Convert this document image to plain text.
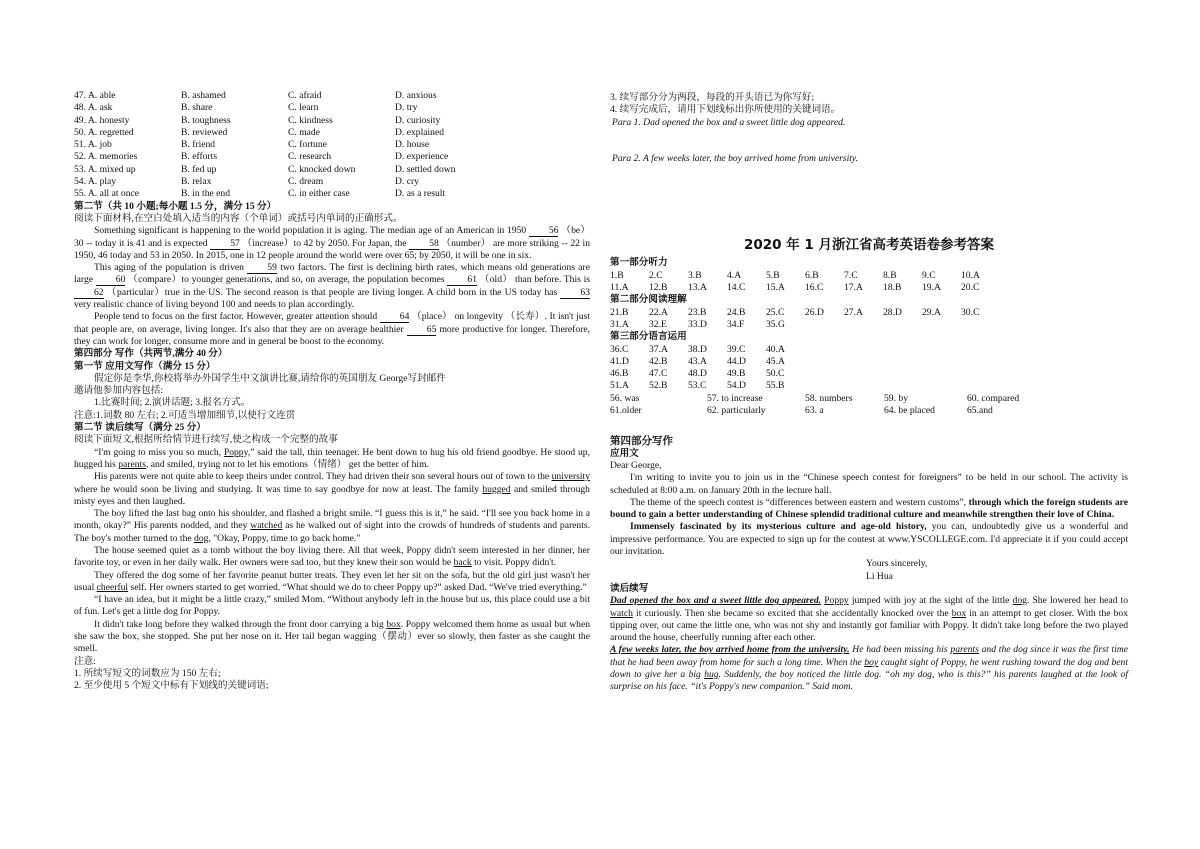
47. A. able	B. ashamed	C. afraid	D. anxious
48. A. ask	B. share	C. learn	D. try
49. A. honesty	B. toughness	C. kindness	D. curiosity
50. A. regretted	B. reviewed	C. made	D. explained
51. A. job	B. friend	C. fortune	D. house
52. A. memories	B. efforts	C. research	D. experience
53. A. mixed up	B. fed up	C. knocked down	D. settled down
54. A. play	B. relax	C. dream	D. cry
55. A. all at once	B. in the end	C. in either case	D. as a result

第二节（共 10 小题;每小题 1.5 分，满分 15 分）

阅读下面材料,在空白处填入适当的内容（个单词）或括号内单词的正确形式。

Something significant is happening to the world population it is aging. The median age of an American in 1950 56 （be）30 -- today it is 41 and is expected 57 （increase）to 42 by 2050. For Japan, the 58 （number） are more striking -- 22 in 1950, 46 today and 53 in 2050. In 2015, one in 12 people around the world were over 65; by 2050, it will be one in six.

This aging of the population is driven 59 two factors. The first is declining birth rates, which means old generations are large 60 （compare）to younger generations, and so, on average, the population becomes 61 （old） than before. This is 62 （particular）true in the US. The second reason is that people are living longer. A child born in the US today has 63 very realistic chance of living beyond 100 and needs to plan accordingly.

People tend to focus on the first factor. However, greater attention should 64 （place） on longevity （长寿）. It isn't just that people are, on average, living longer. It's also that they are on average healthier 65 more productive for longer. Therefore, they can work for longer, consume more and in general be boost to the economy.

第四部分 写作（共两节,满分 40 分）

第一节 应用文写作（满分 15 分）

假定你是李华,你校将举办外国学生中文演讲比赛,请给你的英国朋友 George写封邮件

邀请他参加内容包括:

1.比赛时间; 2.演讲话题; 3.报名方式。

注意:1.词数 80 左右; 2.可适当增加细节,以使行文连贯

第二节 读后续写（满分 25 分）

阅读下面短文,根据所给情节进行续写,使之构成一个完整的故事

“I'm going to miss you so much, Poppy,” said the tall, thin teenager. He bent down to hug his old friend goodbye. He stood up, hugged his parents, and smiled, trying not to let his emotions（情绪） get the better of him.

His parents were not quite able to keep theirs under control. They had driven their son several hours out of town to the university where he would soon be living and studying. It was time to say goodbye for now at least. The family hugged and smiled through misty eyes and then laughed.

The boy lifted the last bag onto his shoulder, and flashed a bright smile. “I guess this is it,” he said. “I'll see you back home in a month, okay?” His parents nodded, and they watched as he walked out of sight into the crowds of hundreds of students and parents. The boy's mother turned to the dog, "Okay, Poppy, time to go back home."

The house seemed quiet as a tomb without the boy living there. All that week, Poppy didn't seem interested in her dinner, her favorite toy, or even in her daily walk. Her owners were sad too, but they knew their son would be back to visit. Poppy didn't.

They offered the dog some of her favorite peanut butter treats. They even let her sit on the sofa, but the old girl just wasn't her usual cheerful self. Her owners started to get worried. “What should we do to cheer Poppy up?” asked Dad. “We've tried everything.”

“I have an idea, but it might be a little crazy,” smiled Mom. “Without anybody left in the house but us, this place could use a bit of fun. Let's get a little dog for Poppy.

It didn't take long before they walked through the front door carrying a big box. Poppy welcomed them home as usual but when she saw the box, she stopped. She put her nose on it. Her tail began wagging（摆动）ever so slowly, then faster as she caught the smell.

注意:

1. 所续写短文的词数应为 150 左右;

2. 至少使用 5 个短文中标有下划线的关键词语;

3. 续写部分分为两段，每段的开头语已为你写好;

4. 续写完成后，请用下划线标出你所使用的关键词语。

Para 1. Dad opened the box and a sweet little dog appeared.

Para 2. A few weeks later, the boy arrived home from university.

2020 年 1 月浙江省高考英语卷参考答案

第一部分听力

1.B	2.C	3.B	4.A	5.B	6.B	7.C	8.B	9.C	10.A
11.A	12.B	13.A	14.C	15.A	16.C	17.A	18.B	19.A	20.C

第二部分阅读理解

21.B	22.A	23.B	24.B	25.C	26.D	27.A	28.D	29.A	30.C
31.A	32.E	33.D	34.F	35.G

第三部分语言运用

36.C	37.A	38.D	39.C	40.A
41.D	42.B	43.A	44.D	45.A
46.B	47.C	48.D	49.B	50.C
51.A	52.B	53.C	54.D	55.B
56. was	57. to increase	58. numbers	59. by	60. compared
61.older	62. particularly	63. a	64. be placed	65.and

第四部分写作

应用文

Dear George,

I'm writing to invite you to join us in the “Chinese speech contest for foreigners” to be held in our school. The activity is scheduled at 8:00 a.m. on January 20th in the lecture hall.

The theme of the speech contest is “differences between eastern and western customs”, through which the foreign students are bound to gain a better understanding of Chinese splendid traditional culture and meanwhile strengthen their love of China.

Immensely fascinated by its mysterious culture and age-old history, you can, undoubtedly give us a wonderful and impressive performance. You are expected to sign up for the contest at www.YSCOLLEGE.com. I'd appreciate it if you could accept our invitation.

Yours sincerely,

Li Hua

读后续写

Dad opened the box and a sweet little dog appeared. Poppy jumped with joy at the sight of the little dog. She lowered her head to watch it curiously. Then she became so excited that she accidentally knocked over the box in an attempt to get closer. With the box tipping over, out came the little one, who was not shy and instantly got familiar with Poppy. It didn't take long before the two played around the house, cheerfully running after each other.

A few weeks later, the boy arrived home from the university. He had been missing his parents and the dog since it was the first time that he had been away from home for such a long time. When the boy caught sight of Poppy, he went rushing toward the dog and bent down to give her a big hug. Suddenly, the boy noticed the little dog. “oh my dog, who is this?” his parents laughed at the look of surprise on his face. “it's Poppy's new companion.” Said mom.
